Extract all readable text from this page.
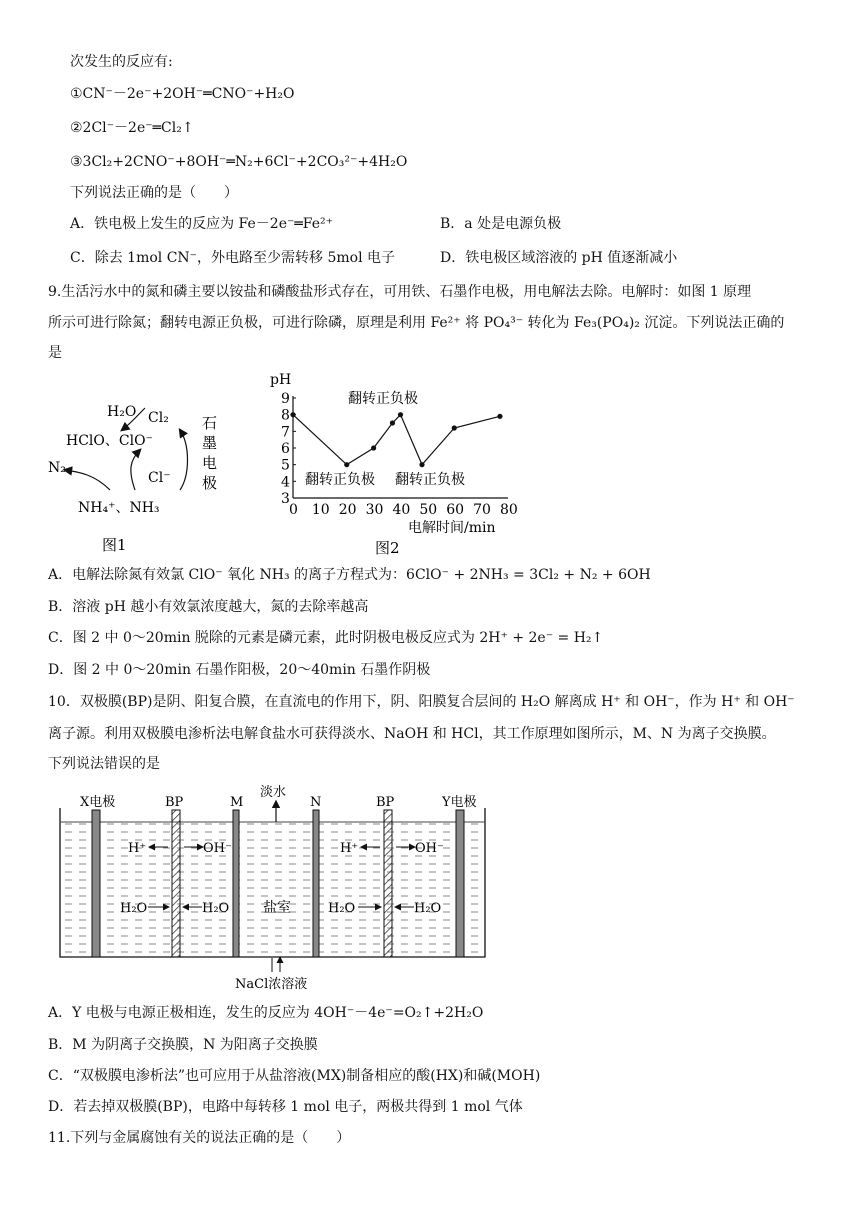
次发生的反应有:
①CN⁻－2e⁻+2OH⁻═CNO⁻+H₂O
②2Cl⁻－2e⁻═Cl₂↑
③3Cl₂+2CNO⁻+8OH⁻═N₂+6Cl⁻+2CO₃²⁻+4H₂O
下列说法正确的是（　　）
A．铁电极上发生的反应为 Fe－2e⁻═Fe²⁺	B．a 处是电源负极
C．除去 1mol CN⁻，外电路至少需转移 5mol 电子	D．铁电极区域溶液的 pH 值逐渐减小
9.生活污水中的氮和磷主要以铵盐和磷酸盐形式存在，可用铁、石墨作电极，用电解法去除。电解时：如图 1 原理
所示可进行除氮；翻转电源正负极，可进行除磷，原理是利用 Fe²⁺ 将 PO₄³⁻ 转化为 Fe₃(PO₄)₂ 沉淀。下列说法正确的
是
H₂O Cl₂
HClO、ClO⁻
N₂
Cl⁻
NH₄⁺、NH₃
石
墨
电
极
图1
pH
3
4
5
6
7
8
9
0 10 20 30 40 50 60 70 80
翻转正负极
翻转正负极 翻转正负极
电解时间/min
图2
A．电解法除氮有效氯 ClO⁻ 氧化 NH₃ 的离子方程式为：6ClO⁻ + 2NH₃ = 3Cl₂ + N₂ + 6OH
B．溶液 pH 越小有效氯浓度越大，氮的去除率越高
C．图 2 中 0～20min 脱除的元素是磷元素，此时阴极电极反应式为 2H⁺ + 2e⁻ = H₂↑
D．图 2 中 0～20min 石墨作阳极，20～40min 石墨作阴极
10．双极膜(BP)是阴、阳复合膜，在直流电的作用下，阴、阳膜复合层间的 H₂O 解离成 H⁺ 和 OH⁻，作为 H⁺ 和 OH⁻
离子源。利用双极膜电渗析法电解食盐水可获得淡水、NaOH 和 HCl，其工作原理如图所示，M、N 为离子交换膜。
下列说法错误的是
X电极	BP	M	N	BP	Y电极
淡水
H⁺	OH⁻	H⁺	OH⁻
H₂O	H₂O 盐室	H₂O	H₂O
NaCl浓溶液
A．Y 电极与电源正极相连，发生的反应为 4OH⁻－4e⁻=O₂↑+2H₂O
B．M 为阴离子交换膜，N 为阳离子交换膜
C．“双极膜电渗析法”也可应用于从盐溶液(MX)制备相应的酸(HX)和碱(MOH)
D．若去掉双极膜(BP)，电路中每转移 1 mol 电子，两极共得到 1 mol 气体
11.下列与金属腐蚀有关的说法正确的是（　　）
